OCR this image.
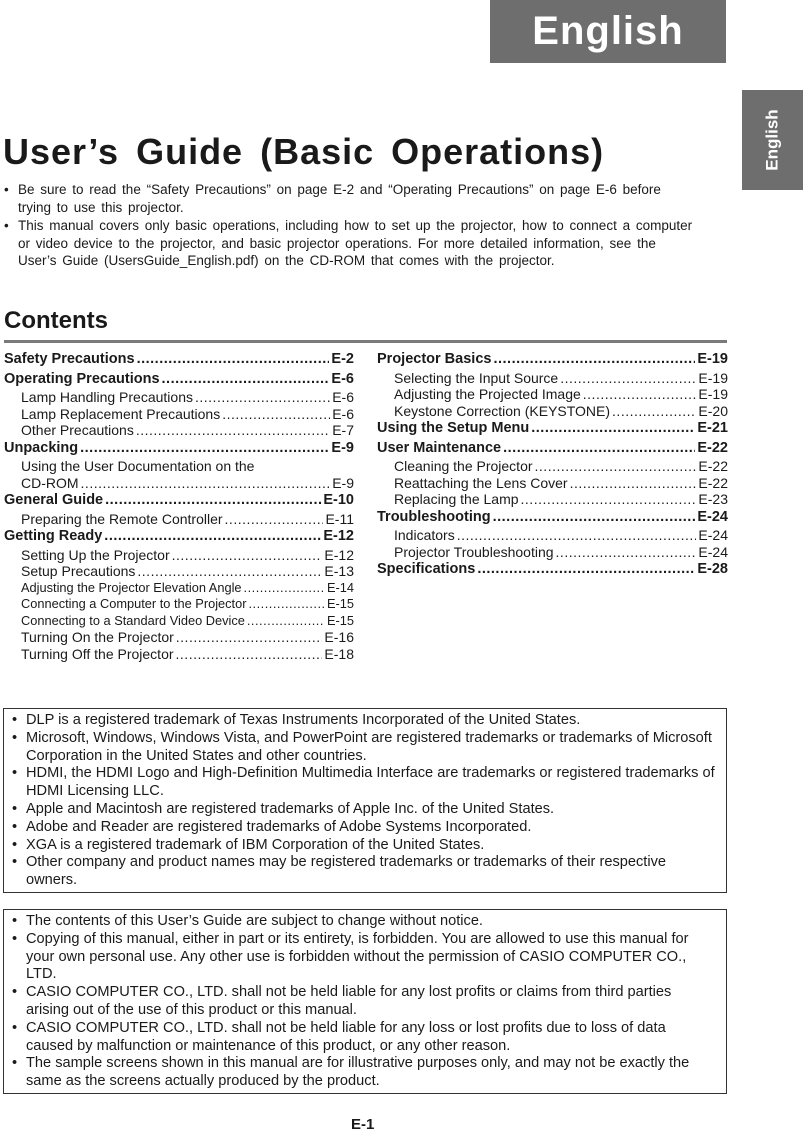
English
English
User’s Guide (Basic Operations)
• Be sure to read the “Safety Precautions” on page E-2 and “Operating Precautions” on page E-6 before trying to use this projector.
• This manual covers only basic operations, including how to set up the projector, how to connect a computer or video device to the projector, and basic projector operations. For more detailed information, see the User’s Guide (UsersGuide_English.pdf) on the CD-ROM that comes with the projector.
Contents
Safety Precautions .....	E-2
Operating Precautions .....	E-6
Lamp Handling Precautions .....	E-6
Lamp Replacement Precautions .....	E-6
Other Precautions .....	E-7
Unpacking .....	E-9
Using the User Documentation on the
CD-ROM .....	E-9
General Guide .....	E-10
Preparing the Remote Controller .....	E-11
Getting Ready .....	E-12
Setting Up the Projector .....	E-12
Setup Precautions .....	E-13
Adjusting the Projector Elevation Angle .....	E-14
Connecting a Computer to the Projector .....	E-15
Connecting to a Standard Video Device .....	E-15
Turning On the Projector .....	E-16
Turning Off the Projector .....	E-18
Projector Basics .....	E-19
Selecting the Input Source .....	E-19
Adjusting the Projected Image .....	E-19
Keystone Correction (KEYSTONE) .....	E-20
Using the Setup Menu .....	E-21
User Maintenance .....	E-22
Cleaning the Projector .....	E-22
Reattaching the Lens Cover .....	E-22
Replacing the Lamp .....	E-23
Troubleshooting .....	E-24
Indicators .....	E-24
Projector Troubleshooting .....	E-24
Specifications .....	E-28
• DLP is a registered trademark of Texas Instruments Incorporated of the United States.
• Microsoft, Windows, Windows Vista, and PowerPoint are registered trademarks or trademarks of Microsoft Corporation in the United States and other countries.
• HDMI, the HDMI Logo and High-Definition Multimedia Interface are trademarks or registered trademarks of HDMI Licensing LLC.
• Apple and Macintosh are registered trademarks of Apple Inc. of the United States.
• Adobe and Reader are registered trademarks of Adobe Systems Incorporated.
• XGA is a registered trademark of IBM Corporation of the United States.
• Other company and product names may be registered trademarks or trademarks of their respective owners.
• The contents of this User’s Guide are subject to change without notice.
• Copying of this manual, either in part or its entirety, is forbidden. You are allowed to use this manual for your own personal use. Any other use is forbidden without the permission of CASIO COMPUTER CO., LTD.
• CASIO COMPUTER CO., LTD. shall not be held liable for any lost profits or claims from third parties arising out of the use of this product or this manual.
• CASIO COMPUTER CO., LTD. shall not be held liable for any loss or lost profits due to loss of data caused by malfunction or maintenance of this product, or any other reason.
• The sample screens shown in this manual are for illustrative purposes only, and may not be exactly the same as the screens actually produced by the product.
E-1
